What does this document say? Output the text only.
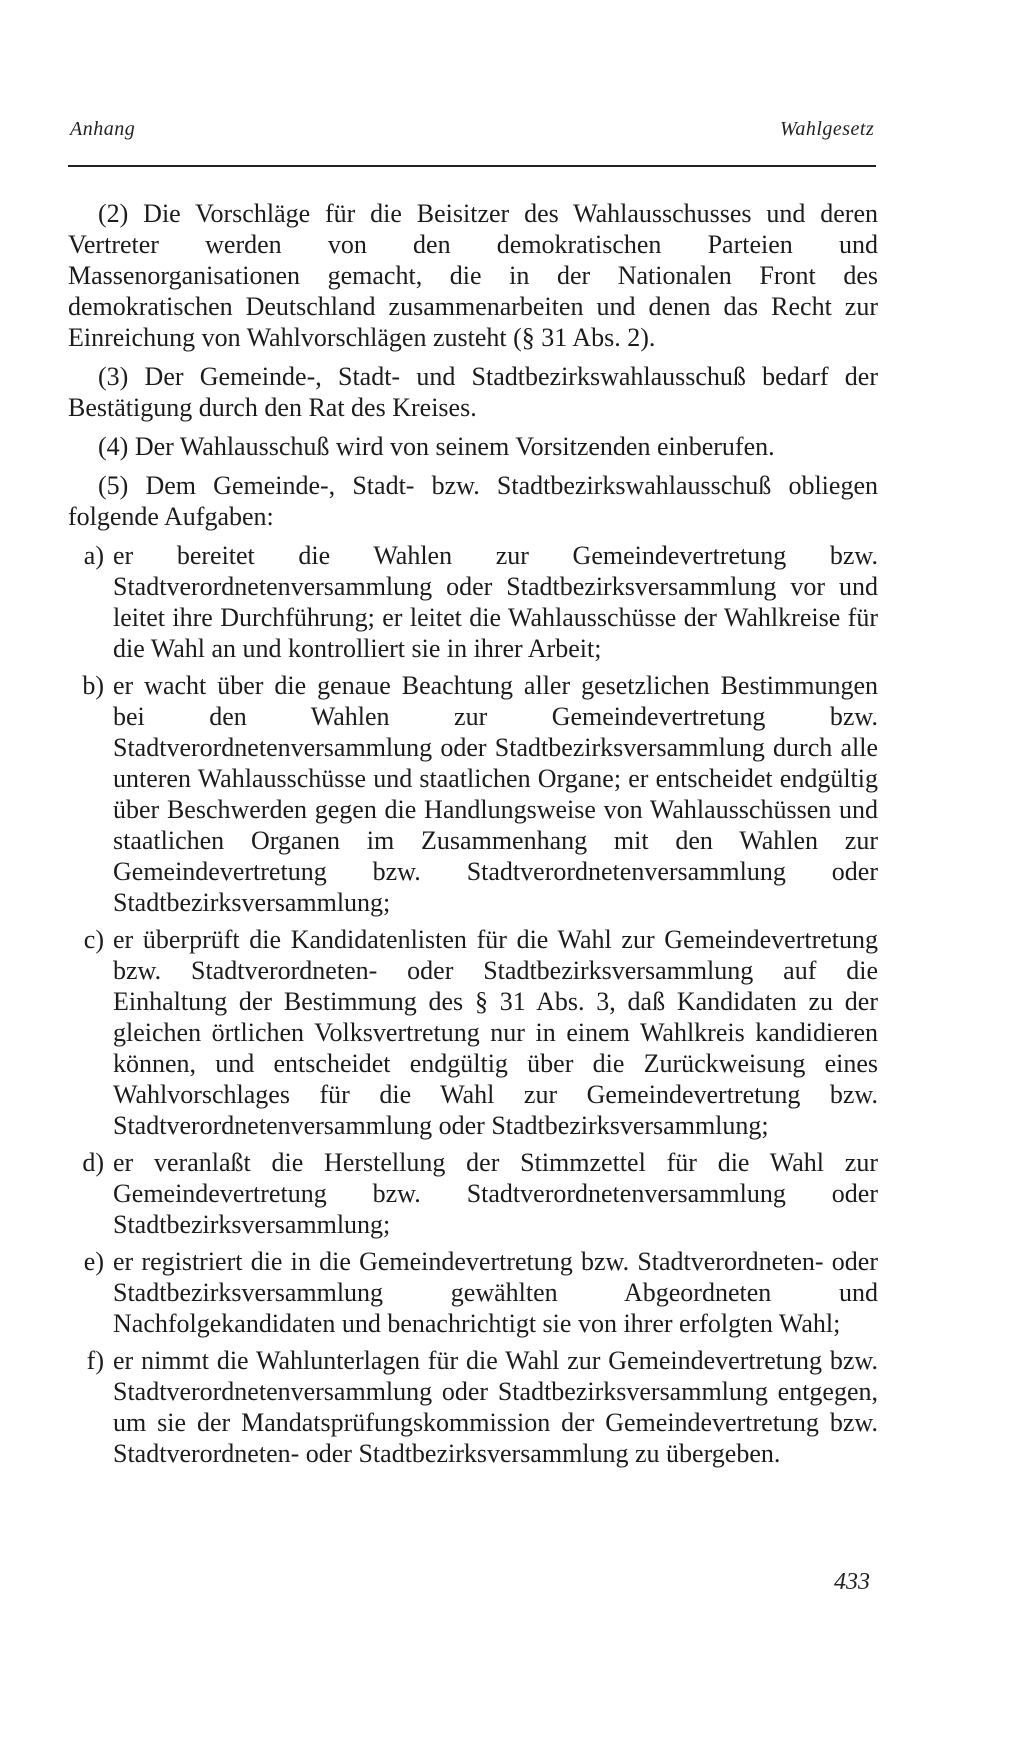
Anhang	Wahlgesetz

(2) Die Vorschläge für die Beisitzer des Wahlausschusses und deren Vertreter werden von den demokratischen Parteien und Massenorganisationen gemacht, die in der Nationalen Front des demokratischen Deutschland zusammenarbeiten und denen das Recht zur Einreichung von Wahlvorschlägen zusteht (§ 31 Abs. 2).

(3) Der Gemeinde-, Stadt- und Stadtbezirkswahlausschuß bedarf der Bestätigung durch den Rat des Kreises.

(4) Der Wahlausschuß wird von seinem Vorsitzenden einberufen.

(5) Dem Gemeinde-, Stadt- bzw. Stadtbezirkswahlausschuß obliegen folgende Aufgaben:

a) er bereitet die Wahlen zur Gemeindevertretung bzw. Stadtverordnetenversammlung oder Stadtbezirksversammlung vor und leitet ihre Durchführung; er leitet die Wahlausschüsse der Wahlkreise für die Wahl an und kontrolliert sie in ihrer Arbeit;
b) er wacht über die genaue Beachtung aller gesetzlichen Bestimmungen bei den Wahlen zur Gemeindevertretung bzw. Stadtverordnetenversammlung oder Stadtbezirksversammlung durch alle unteren Wahlausschüsse und staatlichen Organe; er entscheidet endgültig über Beschwerden gegen die Handlungsweise von Wahlausschüssen und staatlichen Organen im Zusammenhang mit den Wahlen zur Gemeindevertretung bzw. Stadtverordnetenversammlung oder Stadtbezirksversammlung;
c) er überprüft die Kandidatenlisten für die Wahl zur Gemeindevertretung bzw. Stadtverordneten- oder Stadtbezirksversammlung auf die Einhaltung der Bestimmung des § 31 Abs. 3, daß Kandidaten zu der gleichen örtlichen Volksvertretung nur in einem Wahlkreis kandidieren können, und entscheidet endgültig über die Zurückweisung eines Wahlvorschlages für die Wahl zur Gemeindevertretung bzw. Stadtverordnetenversammlung oder Stadtbezirksversammlung;
d) er veranlaßt die Herstellung der Stimmzettel für die Wahl zur Gemeindevertretung bzw. Stadtverordnetenversammlung oder Stadtbezirksversammlung;
e) er registriert die in die Gemeindevertretung bzw. Stadtverordneten- oder Stadtbezirksversammlung gewählten Abgeordneten und Nachfolgekandidaten und benachrichtigt sie von ihrer erfolgten Wahl;
f) er nimmt die Wahlunterlagen für die Wahl zur Gemeindevertretung bzw. Stadtverordnetenversammlung oder Stadtbezirksversammlung entgegen, um sie der Mandatsprüfungskommission der Gemeindevertretung bzw. Stadtverordneten- oder Stadtbezirksversammlung zu übergeben.
433
